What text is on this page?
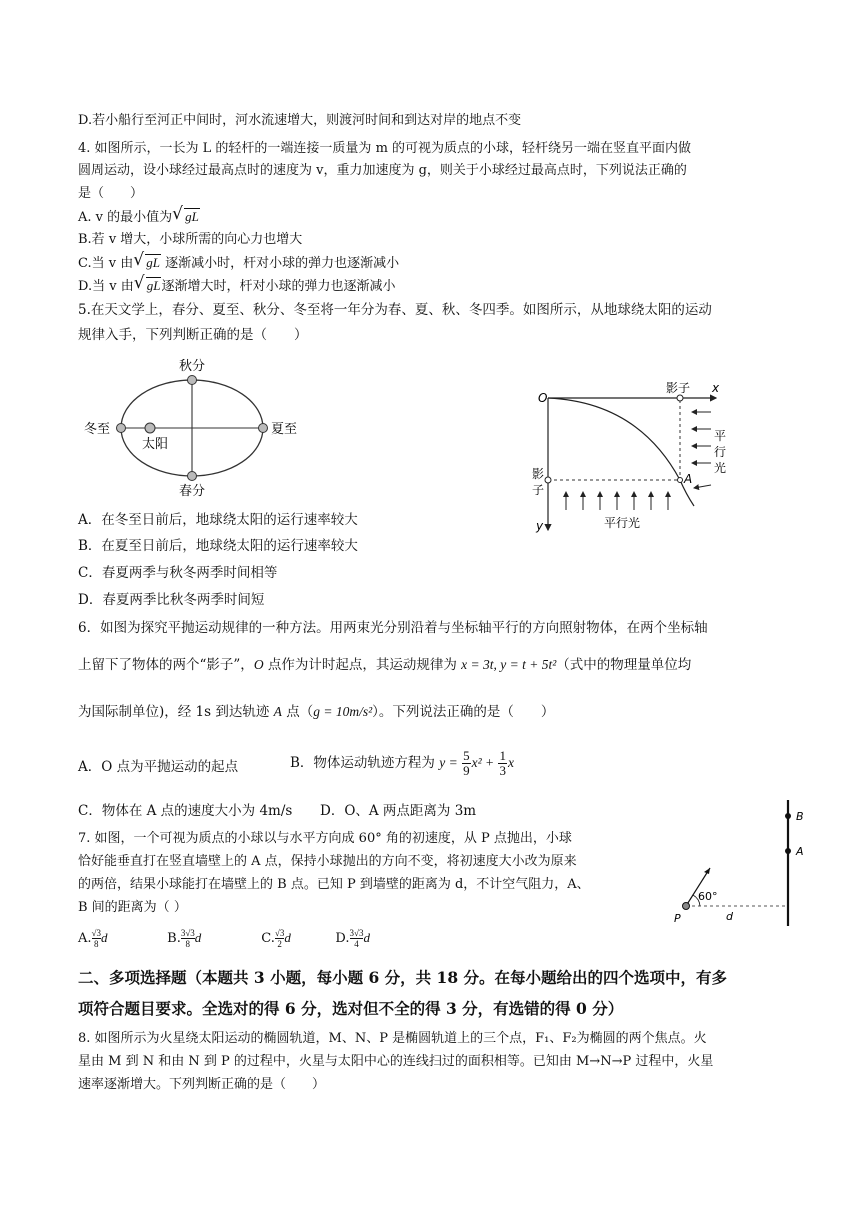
D.若小船行至河正中间时，河水流速增大，则渡河时间和到达对岸的地点不变
4. 如图所示，一长为 L 的轻杆的一端连接一质量为 m 的可视为质点的小球，轻杆绕另一端在竖直平面内做
圆周运动，设小球经过最高点时的速度为 v，重力加速度为 g，则关于小球经过最高点时，下列说法正确的
是（　　）
A. v 的最小值为 √ gL
B.若 v 增大，小球所需的向心力也增大
C.当 v 由 √ gL 逐渐减小时，杆对小球的弹力也逐渐减小
D.当 v 由 √ gL逐渐增大时，杆对小球的弹力也逐渐减小
5.在天文学上，春分、夏至、秋分、冬至将一年分为春、夏、秋、冬四季。如图所示，从地球绕太阳的运动
规律入手，下列判断正确的是（　　）
秋分
冬至	夏至
春分
太阳
O
影子 x
平
行
光
A
影
子
平行光
y
A．在冬至日前后，地球绕太阳的运行速率较大
B．在夏至日前后，地球绕太阳的运行速率较大
C．春夏两季与秋冬两季时间相等
D．春夏两季比秋冬两季时间短
6．如图为探究平抛运动规律的一种方法。用两束光分别沿着与坐标轴平行的方向照射物体，在两个坐标轴
上留下了物体的两个“影子”，O 点作为计时起点，其运动规律为 x = 3t, y = t + 5t²（式中的物理量单位均
为国际制单位)，经 1s 到达轨迹 A 点（g = 10m/s²）。下列说法正确的是（　　）
A．O 点为平抛运动的起点	B．物体运动轨迹方程为 $y = \frac{5}{9} x^2 + \frac{1}{3}$ x
C．物体在 A 点的速度大小为 4m/s D．O、A 两点距离为 3m
7. 如图，一个可视为质点的小球以与水平方向成 60° 角的初速度，从 P 点抛出，小球
恰好能垂直打在竖直墙壁上的 A 点，保持小球抛出的方向不变，将初速度大小改为原来
的两倍，结果小球能打在墙壁上的 B 点。已知 P 到墙壁的距离为 d，不计空气阻力，A、
B 间的距离为（ ）
A. $\frac{√3}{8}$ d	B. $\frac{3√3}{8}$ d	C. $\frac{√3}{2}$ d	D. $\frac{3√3}{4}$ d
B
A
60°
P	d
二、多项选择题（本题共 3 小题，每小题 6 分，共 18 分。在每小题给出的四个选项中，有多
项符合题目要求。全选对的得 6 分，选对但不全的得 3 分，有选错的得 0 分）
8. 如图所示为火星绕太阳运动的椭圆轨道，M、N、P 是椭圆轨道上的三个点，F₁、F₂为椭圆的两个焦点。火
星由 M 到 N 和由 N 到 P 的过程中，火星与太阳中心的连线扫过的面积相等。已知由 M→N→P 过程中，火星
速率逐渐增大。下列判断正确的是（　　）
